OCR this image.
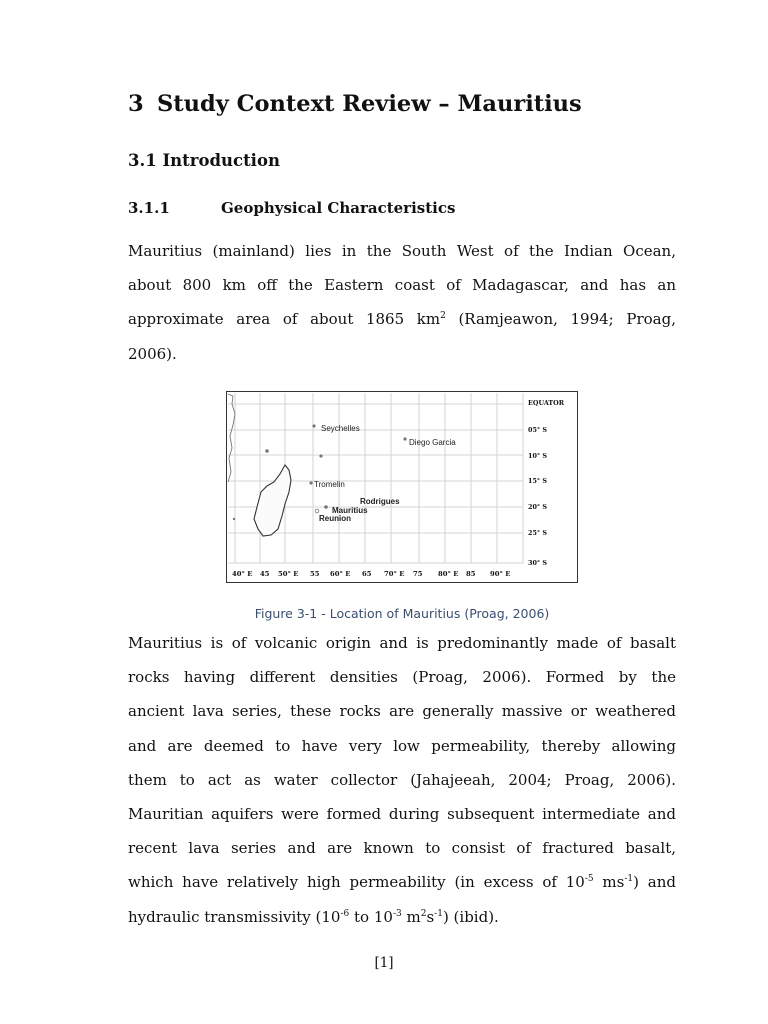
3 Study Context Review – Mauritius
3.1 Introduction
3.1.1	Geophysical Characteristics
Mauritius (mainland) lies in the South West of the Indian Ocean,
about 800 km off the Eastern coast of Madagascar, and has an
approximate area of about 1865 $km^2$ (Ramjeawon, 1994; Proag,
2006).
Seychelles
Diego Garcia
Tromelin
Rodrigues
Mauritius
Reunion
EQUATOR
05° S
10° S
15° S
20° S
25° S
30° S
40° E 45 50° E 55 60° E 65 70° E 75 80° E 85 90° E
Figure 3-1 - Location of Mauritius (Proag, 2006)
Mauritius is of volcanic origin and is predominantly made of basalt
rocks having different densities (Proag, 2006). Formed by the
ancient lava series, these rocks are generally massive or weathered
and are deemed to have very low permeability, thereby allowing
them to act as water collector (Jahajeeah, 2004; Proag, 2006).
Mauritian aquifers were formed during subsequent intermediate and
recent lava series and are known to consist of fractured basalt,
which have relatively high permeability (in excess of $10^{-5}$ $ms^{-1}$) and
hydraulic transmissivity ($10^{-6}$ to $10^{-3}$ $m^2s^{-1}$) (ibid).
[1]
